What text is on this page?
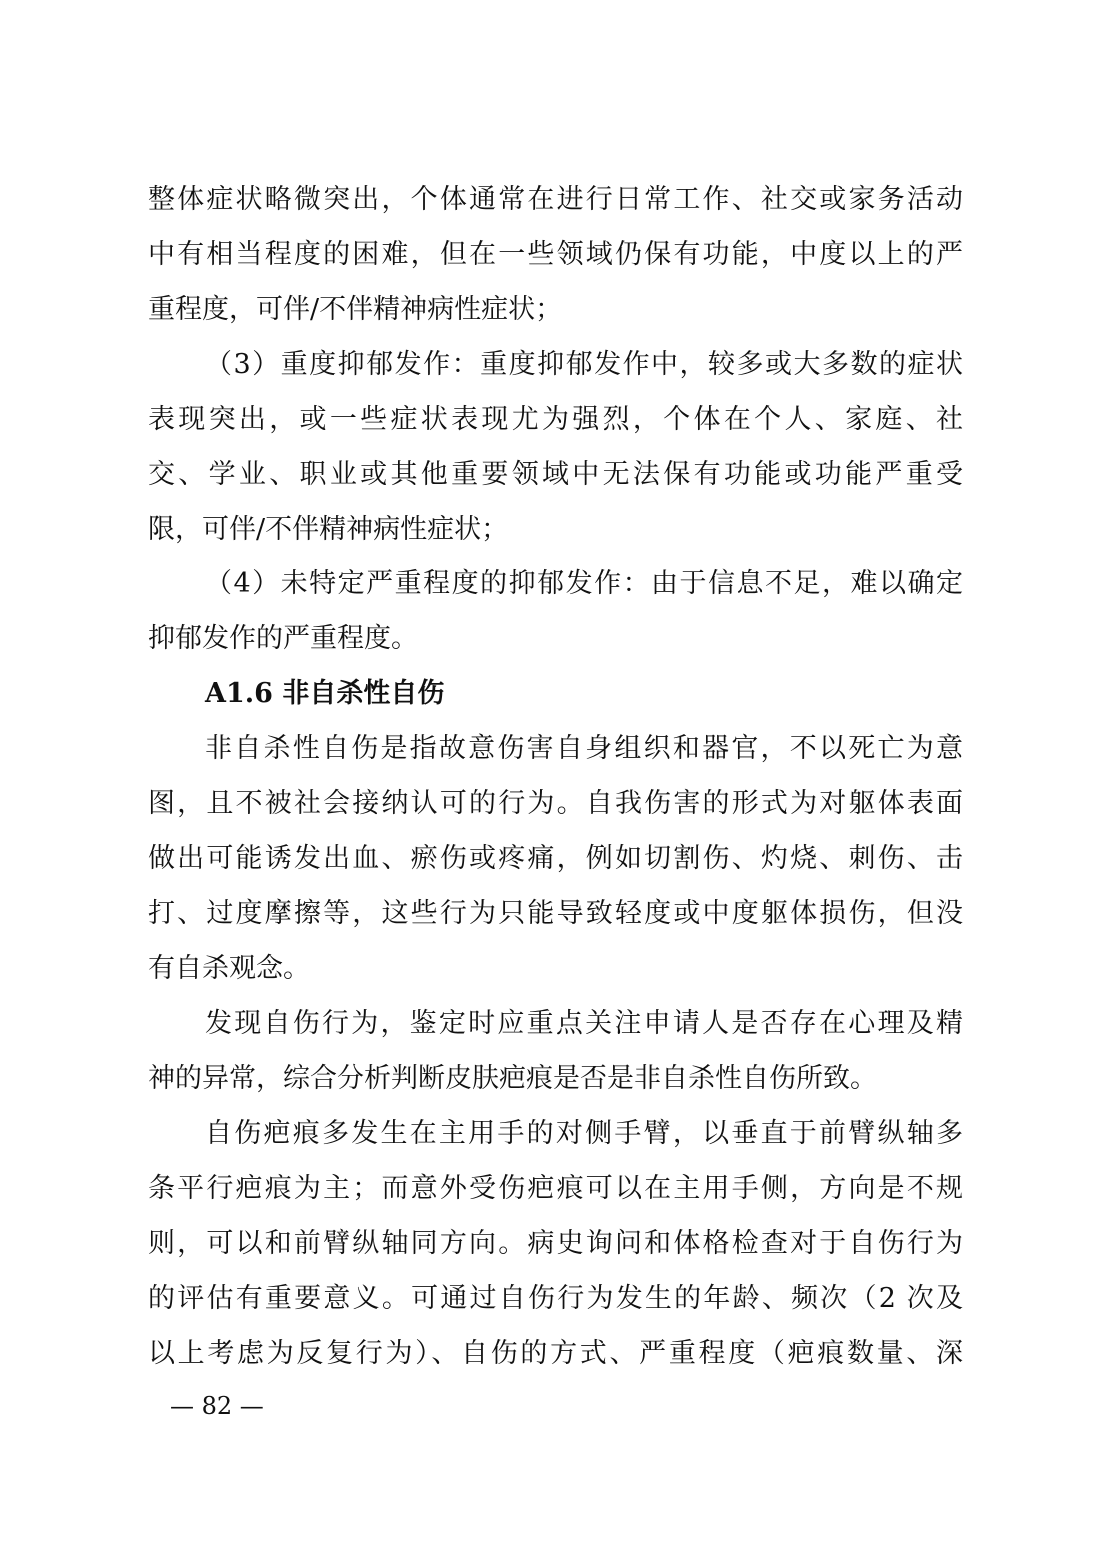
整体症状略微突出，个体通常在进行日常工作、社交或家务活动
中有相当程度的困难，但在一些领域仍保有功能，中度以上的严
重程度，可伴/不伴精神病性症状；
（3）重度抑郁发作：重度抑郁发作中，较多或大多数的症状
表现突出，或一些症状表现尤为强烈，个体在个人、家庭、社
交、学业、职业或其他重要领域中无法保有功能或功能严重受
限，可伴/不伴精神病性症状；
（4）未特定严重程度的抑郁发作：由于信息不足，难以确定
抑郁发作的严重程度。
A1.6 非自杀性自伤
非自杀性自伤是指故意伤害自身组织和器官，不以死亡为意
图，且不被社会接纳认可的行为。自我伤害的形式为对躯体表面
做出可能诱发出血、瘀伤或疼痛，例如切割伤、灼烧、刺伤、击
打、过度摩擦等，这些行为只能导致轻度或中度躯体损伤，但没
有自杀观念。
发现自伤行为，鉴定时应重点关注申请人是否存在心理及精
神的异常，综合分析判断皮肤疤痕是否是非自杀性自伤所致。
自伤疤痕多发生在主用手的对侧手臂，以垂直于前臂纵轴多
条平行疤痕为主；而意外受伤疤痕可以在主用手侧，方向是不规
则，可以和前臂纵轴同方向。病史询问和体格检查对于自伤行为
的评估有重要意义。可通过自伤行为发生的年龄、频次（2 次及
以上考虑为反复行为）、自伤的方式、严重程度（疤痕数量、深
— 82 —
